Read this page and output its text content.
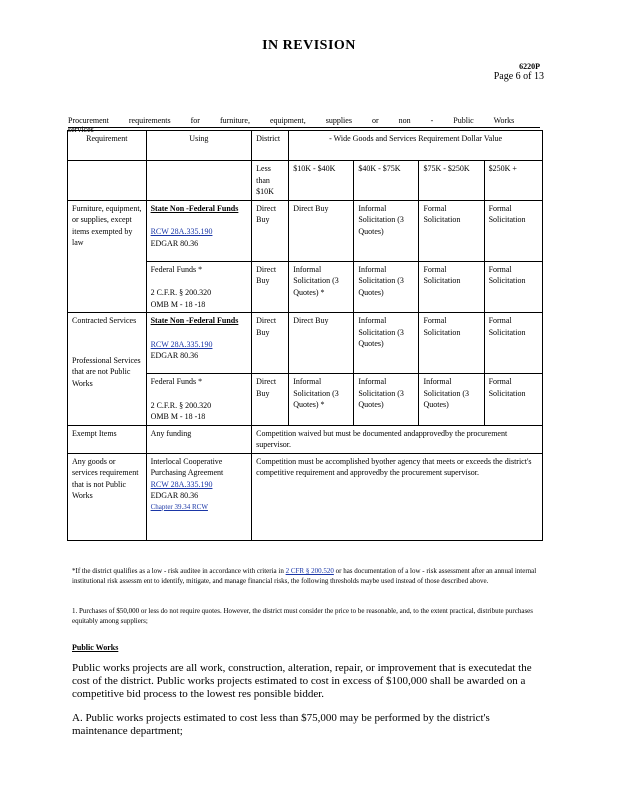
IN REVISION
6220P
Page 6 of 13
Procurement requirements for furniture, equipment, supplies or non - Public Works services
Requirement	Using	District	- Wide Goods and Services Requirement Dollar Value			
		Less than $10K	$10K - $40K	$40K - $75K	$75K - $250K	$250K +
Furniture, equipment, or supplies, except items exempted by law	State Non -Federal Funds
RCW 28A.335.190
EDGAR 80.36	Direct Buy	Direct Buy	Informal Solicitation (3 Quotes)	Formal Solicitation	Formal Solicitation

	Federal Funds *
2 C.F.R. § 200.320
OMB M - 18 -18	Direct Buy	Informal Solicitation (3 Quotes) *	Informal Solicitation (3 Quotes)	Formal Solicitation	Formal Solicitation

Contracted Services
Professional Services that are not Public Works	State Non -Federal Funds
RCW 28A.335.190
EDGAR 80.36	Direct Buy	Direct Buy	Informal Solicitation (3 Quotes)	Formal Solicitation	Formal Solicitation

	Federal Funds *
2 C.F.R. § 200.320
OMB M - 18 -18	Direct Buy	Informal Solicitation (3 Quotes) *	Informal Solicitation (3 Quotes)	Informal Solicitation (3 Quotes)	Formal Solicitation
Exempt Items	Any funding	Competition waived but must be documented andapprovedby the procurement supervisor.				
Any goods or services requirement that is not Public Works	Interlocal Cooperative Purchasing Agreement
RCW 28A.335.190
EDGAR 80.36
Chapter 39.34 RCW	Competition must be accomplished byother agency that meets or exceeds the district's competitive requirement and approvedby the procurement supervisor.				
*If the district qualifies as a low - risk auditee in accordance with criteria in 2 CFR § 200.520 or has documentation of a low - risk assessment after an annual internal institutional risk assessm ent to identify, mitigate, and manage financial risks, the following thresholds maybe used instead of those described above.
1. Purchases of $50,000 or less do not require quotes. However, the district must consider the price to be reasonable, and, to the extent practical, distribute purchases equitably among suppliers;
Public Works
Public works projects are all work, construction, alteration, repair, or improvement that is executedat the cost of the district. Public works projects estimated to cost in excess of $100,000 shall be awarded on a competitive bid process to the lowest res ponsible bidder.
A. Public works projects estimated to cost less than $75,000 may be performed by the district's maintenance department;
